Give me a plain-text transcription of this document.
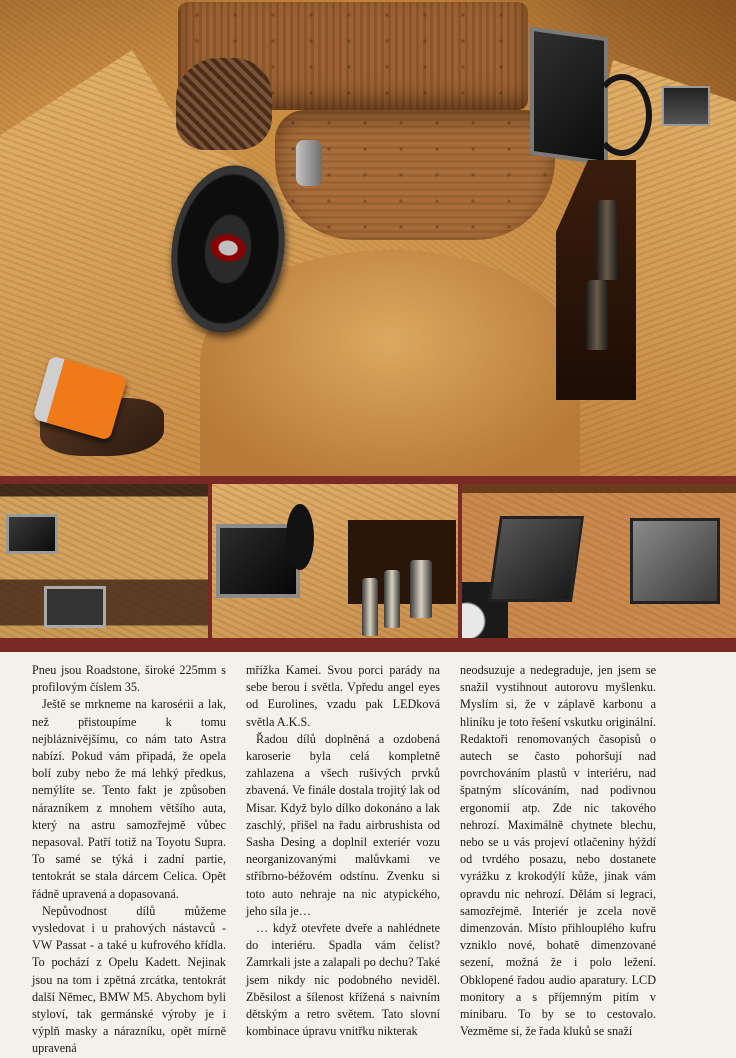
Pneu jsou Roadstone, široké 225mm s profilovým číslem 35.

Ještě se mrkneme na karosérii a lak, než přistoupíme k tomu nejbláznivějšímu, co nám tato Astra nabízí. Pokud vám připadá, že opela bolí zuby nebo že má lehký předkus, nemýlíte se. Tento fakt je způsoben nárazníkem z mnohem většího auta, který na astru samozřejmě vůbec nepasoval. Patří totiž na Toyotu Supra. To samé se týká i zadní partie, tentokrát se stala dárcem Celica. Opět řádně upravená a dopasovaná.

Nepůvodnost dílů můžeme vysledovat i u prahových nástavců - VW Passat - a také u kufrového křídla. To pochází z Opelu Kadett. Nejinak jsou na tom i zpětná zrcátka, tentokrát další Němec, BMW M5. Abychom byli styloví, tak germánské výroby je i výplň masky a nárazníku, opět mírně upravená

mřížka Kamei. Svou porci parády na sebe berou i světla. Vpředu angel eyes od Eurolines, vzadu pak LEDková světla A.K.S.

Řadou dílů doplněná a ozdobená karoserie byla celá kompletně zahlazena a všech rušivých prvků zbavená. Ve finále dostala trojitý lak od Misar. Když bylo dílko dokonáno a lak zaschlý, přišel na řadu airbrushista od Sasha Desing a doplnil exteriér vozu neorganizovanými malůvkami ve stříbrno-béžovém odstínu. Zvenku si toto auto nehraje na nic atypického, jeho síla je…

… když otevřete dveře a nahlédnete do interiéru. Spadla vám čelist? Zamrkali jste a zalapali po dechu? Také jsem nikdy nic podobného neviděl. Zběsilost a šílenost křížená s naivním dětským a retro světem. Tato slovní kombinace úpravu vnitřku nikterak

neodsuzuje a nedegraduje, jen jsem se snažil vystihnout autorovu myšlenku. Myslím si, že v záplavě karbonu a hliníku je toto řešení vskutku originální. Redaktoři renomovaných časopisů o autech se často pohoršují nad povrchováním plastů v interiéru, nad špatným slícováním, nad podivnou ergonomií atp. Zde nic takového nehrozí. Maximálně chytnete blechu, nebo se u vás projeví otlačeniny hýždí od tvrdého posazu, nebo dostanete vyrážku z krokodýlí kůže, jinak vám opravdu nic nehrozí. Dělám si legraci, samozřejmě. Interiér je zcela nově dimenzován. Místo přihlouplého kufru vzniklo nové, bohatě dimenzované sezení, možná že i polo ležení. Obklopené řadou audio aparatury. LCD monitory a s příjemným pitím v minibaru. To by se to cestovalo. Vezměme si, že řada kluků se snaží
